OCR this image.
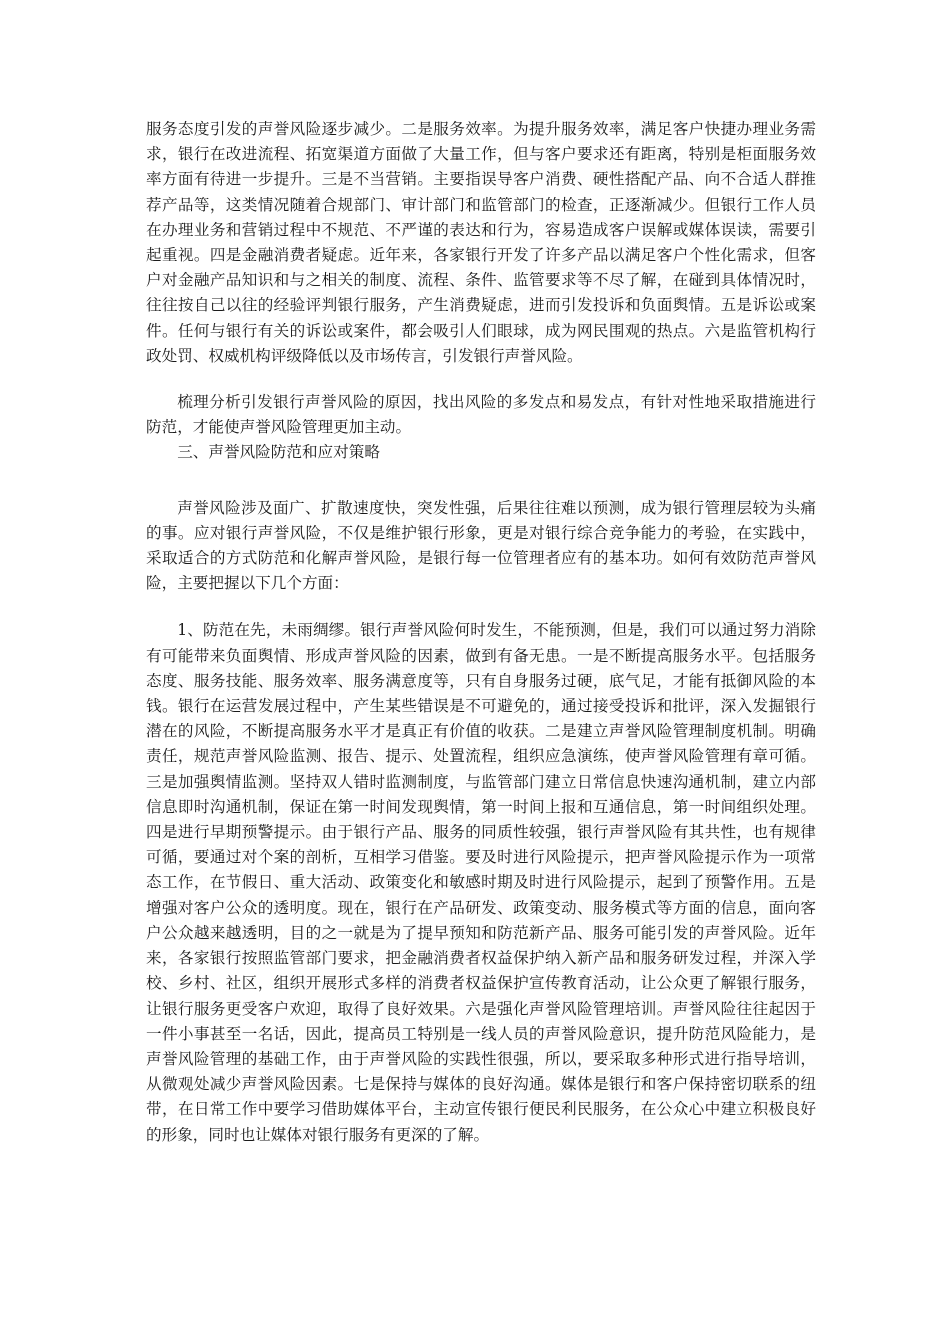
服务态度引发的声誉风险逐步减少。二是服务效率。为提升服务效率，满足客户快捷办理业务需求，银行在改进流程、拓宽渠道方面做了大量工作，但与客户要求还有距离，特别是柜面服务效率方面有待进一步提升。三是不当营销。主要指误导客户消费、硬性搭配产品、向不合适人群推荐产品等，这类情况随着合规部门、审计部门和监管部门的检查，正逐渐减少。但银行工作人员在办理业务和营销过程中不规范、不严谨的表达和行为，容易造成客户误解或媒体误读，需要引起重视。四是金融消费者疑虑。近年来，各家银行开发了许多产品以满足客户个性化需求，但客户对金融产品知识和与之相关的制度、流程、条件、监管要求等不尽了解，在碰到具体情况时，往往按自己以往的经验评判银行服务，产生消费疑虑，进而引发投诉和负面舆情。五是诉讼或案件。任何与银行有关的诉讼或案件，都会吸引人们眼球，成为网民围观的热点。六是监管机构行政处罚、权威机构评级降低以及市场传言，引发银行声誉风险。

梳理分析引发银行声誉风险的原因，找出风险的多发点和易发点，有针对性地采取措施进行防范，才能使声誉风险管理更加主动。

三、声誉风险防范和应对策略

声誉风险涉及面广、扩散速度快，突发性强，后果往往难以预测，成为银行管理层较为头痛的事。应对银行声誉风险，不仅是维护银行形象，更是对银行综合竞争能力的考验，在实践中，采取适合的方式防范和化解声誉风险，是银行每一位管理者应有的基本功。如何有效防范声誉风险，主要把握以下几个方面：

1、防范在先，未雨绸缪。银行声誉风险何时发生，不能预测，但是，我们可以通过努力消除有可能带来负面舆情、形成声誉风险的因素，做到有备无患。一是不断提高服务水平。包括服务态度、服务技能、服务效率、服务满意度等，只有自身服务过硬，底气足，才能有抵御风险的本钱。银行在运营发展过程中，产生某些错误是不可避免的，通过接受投诉和批评，深入发掘银行潜在的风险，不断提高服务水平才是真正有价值的收获。二是建立声誉风险管理制度机制。明确责任，规范声誉风险监测、报告、提示、处置流程，组织应急演练，使声誉风险管理有章可循。三是加强舆情监测。坚持双人错时监测制度，与监管部门建立日常信息快速沟通机制，建立内部信息即时沟通机制，保证在第一时间发现舆情，第一时间上报和互通信息，第一时间组织处理。四是进行早期预警提示。由于银行产品、服务的同质性较强，银行声誉风险有其共性，也有规律可循，要通过对个案的剖析，互相学习借鉴。要及时进行风险提示，把声誉风险提示作为一项常态工作，在节假日、重大活动、政策变化和敏感时期及时进行风险提示，起到了预警作用。五是增强对客户公众的透明度。现在，银行在产品研发、政策变动、服务模式等方面的信息，面向客户公众越来越透明，目的之一就是为了提早预知和防范新产品、服务可能引发的声誉风险。近年来，各家银行按照监管部门要求，把金融消费者权益保护纳入新产品和服务研发过程，并深入学校、乡村、社区，组织开展形式多样的消费者权益保护宣传教育活动，让公众更了解银行服务，让银行服务更受客户欢迎，取得了良好效果。六是强化声誉风险管理培训。声誉风险往往起因于一件小事甚至一名话，因此，提高员工特别是一线人员的声誉风险意识，提升防范风险能力，是声誉风险管理的基础工作，由于声誉风险的实践性很强，所以，要采取多种形式进行指导培训，从微观处减少声誉风险因素。七是保持与媒体的良好沟通。媒体是银行和客户保持密切联系的纽带，在日常工作中要学习借助媒体平台，主动宣传银行便民利民服务，在公众心中建立积极良好的形象，同时也让媒体对银行服务有更深的了解。
